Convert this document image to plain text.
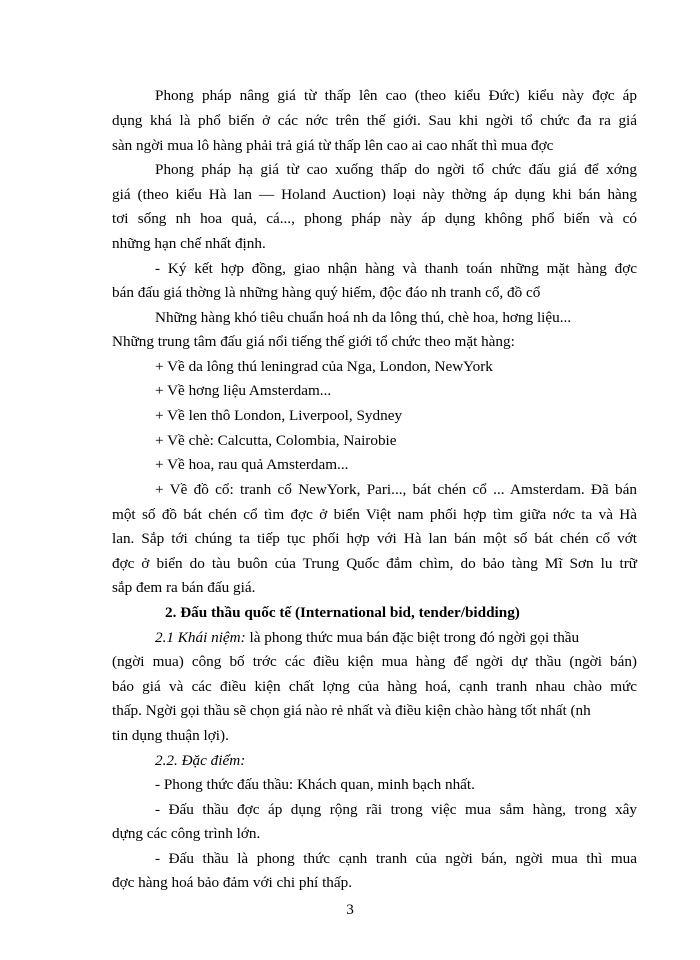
Phong pháp nâng giá từ thấp lên cao (theo kiểu Đức) kiểu này đợc áp
dụng khá là phổ biến ở các nớc trên thế giới. Sau khi ngời tổ chức đa ra giá
sàn ngời mua lô hàng phải trả giá từ thấp lên cao ai cao nhất thì mua đợc
Phong pháp hạ giá từ cao xuống thấp do ngời tổ chức đấu giá để xớng
giá (theo kiểu Hà lan — Holand Auction) loại này thờng áp dụng khi bán hàng
tơi sống nh hoa quả, cá..., phong pháp này áp dụng không phổ biến và có
những hạn chế nhất định.
- Ký kết hợp đồng, giao nhận hàng và thanh toán những mặt hàng đợc
bán đấu giá thờng là những hàng quý hiếm, độc đáo nh tranh cổ, đồ cổ
Những hàng khó tiêu chuẩn hoá nh da lông thú, chè hoa, hơng liệu...
Những trung tâm đấu giá nổi tiếng thế giới tổ chức theo mặt hàng:
+ Về da lông thú leningrad của Nga, London, NewYork
+ Về hơng liệu Amsterdam...
+ Về len thô London, Liverpool, Sydney
+ Về chè: Calcutta, Colombia, Nairobie
+ Về hoa, rau quả Amsterdam...
+ Về đồ cổ: tranh cổ NewYork, Pari..., bát chén cổ ... Amsterdam. Đã bán
một số đồ bát chén cổ tìm đợc ở biển Việt nam phối hợp tìm giữa nớc ta và Hà
lan. Sắp tới chúng ta tiếp tục phối hợp với Hà lan bán một số bát chén cổ vớt
đợc ở biển do tàu buôn của Trung Quốc đắm chìm, do bảo tàng Mĩ Sơn lu trữ
sắp đem ra bán đấu giá.
2. Đấu thầu quốc tế (International bid, tender/bidding)
2.1 Khái niệm: là phong thức mua bán đặc biệt trong đó ngời gọi thầu
(ngời mua) công bố trớc các điều kiện mua hàng để ngời dự thầu (ngời bán)
báo giá và các điều kiện chất lợng của hàng hoá, cạnh tranh nhau chào mức
thấp. Ngời gọi thầu sẽ chọn giá nào rẻ nhất và điều kiện chào hàng tốt nhất (nh
tin dụng thuận lợi).
2.2. Đặc điểm:
- Phong thức đấu thầu: Khách quan, minh bạch nhất.
- Đấu thầu đợc áp dụng rộng rãi trong việc mua sắm hàng, trong xây
dựng các công trình lớn.
- Đấu thầu là phong thức cạnh tranh của ngời bán, ngời mua thì mua
đợc hàng hoá bảo đảm với chi phí thấp.
3
